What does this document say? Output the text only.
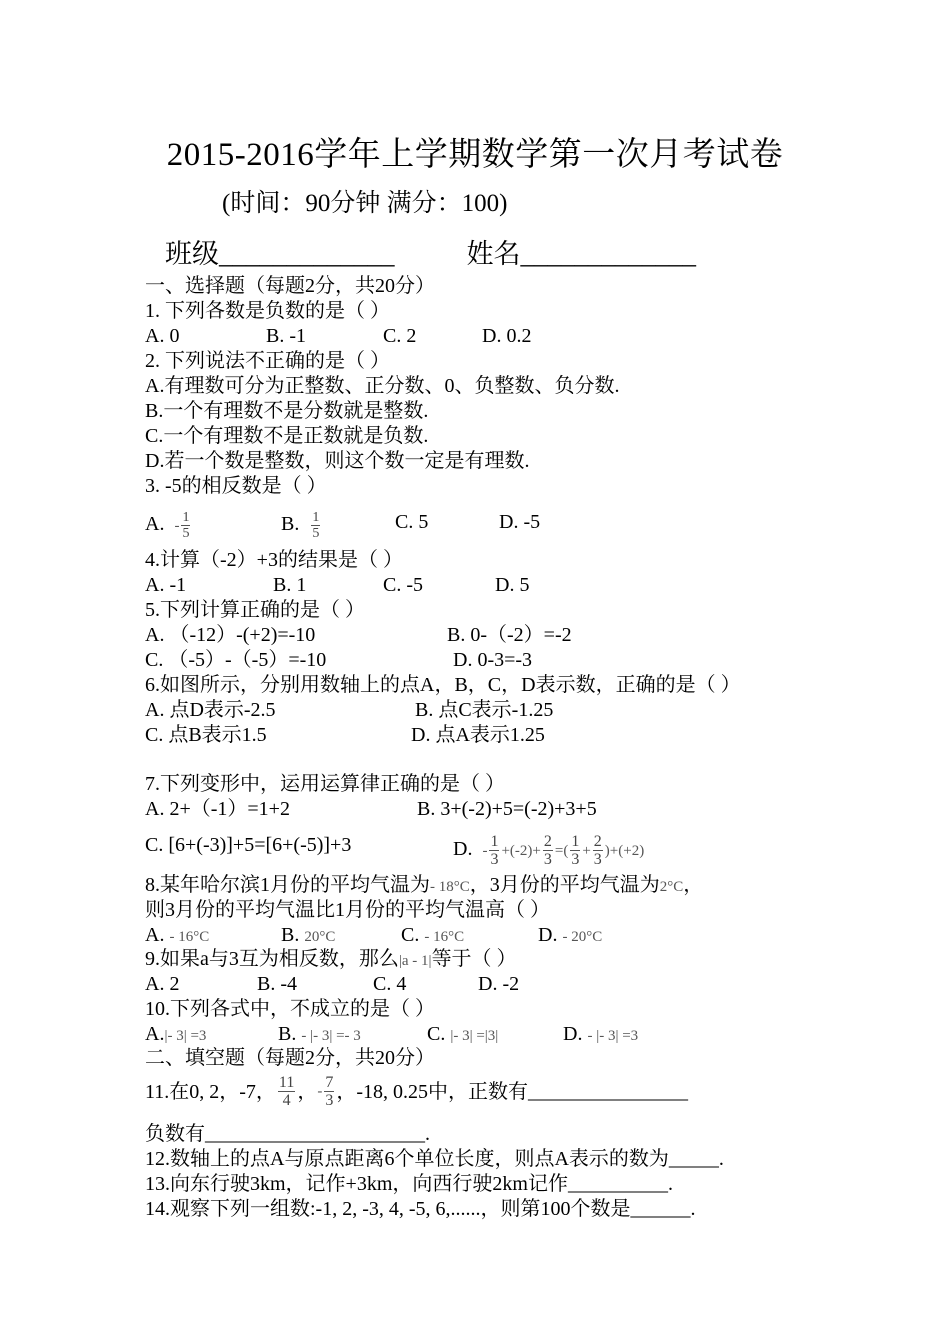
2015-2016学年上学期数学第一次月考试卷
(时间：90分钟 满分：100)
班级_____________	姓名_____________
一、选择题（每题2分，共20分）
1. 下列各数是负数的是（ ）
A. 0	B. -1	C. 2	D. 0.2
2. 下列说法不正确的是（ ）
A.有理数可分为正整数、正分数、0、负整数、负分数.
B.一个有理数不是分数就是整数.
C.一个有理数不是正数就是负数.
D.若一个数是整数，则这个数一定是有理数.
3. -5的相反数是（ ）
A. - $\frac{1}{5}$	B. $\frac{1}{5}$	C. 5	D. -5
4.计算（-2）+3的结果是（ ）
A. -1	B. 1	C. -5	D. 5
5.下列计算正确的是（ ）
A. （-12）-(+2)=-10	B. 0-（-2）=-2
C. （-5）-（-5）=-10	D. 0-3=-3
6.如图所示，分别用数轴上的点A，B，C，D表示数，正确的是（ ）
A. 点D表示-2.5	B. 点C表示-1.25
C. 点B表示1.5	D. 点A表示1.25
7.下列变形中，运用运算律正确的是（ ）
A. 2+（-1）=1+2	B. 3+(-2)+5=(-2)+3+5
C. [6+(-3)]+5=[6+(-5)]+3	D. - $\frac{1}{3} +(-2)+ \frac{2}{3}$ =( $\frac{1}{3} + \frac{2}{3} )+(+2)$
8.某年哈尔滨1月份的平均气温为- 18°C，3月份的平均气温为2°C，
则3月份的平均气温比1月份的平均气温高（ ）
A. - 16°C	B. 20°C	C. - 16°C	D. - 20°C
9.如果a与3互为相反数，那么|a - 1|等于（ ）
A. 2	B. -4	C. 4	D. -2
10.下列各式中，不成立的是（ ）
A.|- 3| =3	B. - |- 3| =- 3	C. |- 3| =|3|	D. - |- 3| =3
二、填空题（每题2分，共20分）
11.在0, 2，-7， $\frac{11}{4}$ ，- $\frac{7}{3}$ ，-18, 0.25中，正数有________________
负数有______________________.
12.数轴上的点A与原点距离6个单位长度，则点A表示的数为_____.
13.向东行驶3km，记作+3km，向西行驶2km记作__________.
14.观察下列一组数:-1, 2, -3, 4, -5, 6,......，则第100个数是______.
